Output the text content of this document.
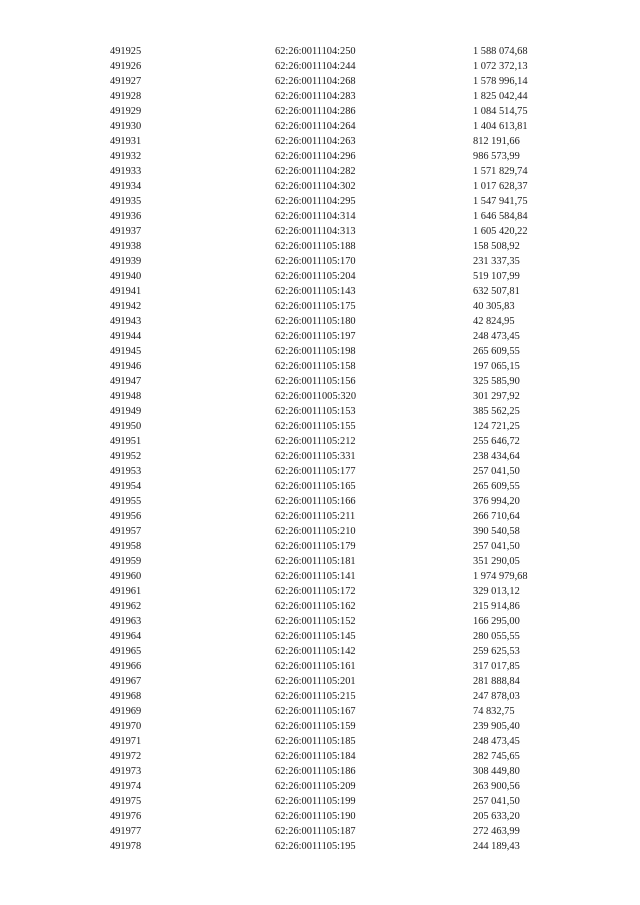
491925	62:26:0011104:250	1 588 074,68
491926	62:26:0011104:244	1 072 372,13
491927	62:26:0011104:268	1 578 996,14
491928	62:26:0011104:283	1 825 042,44
491929	62:26:0011104:286	1 084 514,75
491930	62:26:0011104:264	1 404 613,81
491931	62:26:0011104:263	812 191,66
491932	62:26:0011104:296	986 573,99
491933	62:26:0011104:282	1 571 829,74
491934	62:26:0011104:302	1 017 628,37
491935	62:26:0011104:295	1 547 941,75
491936	62:26:0011104:314	1 646 584,84
491937	62:26:0011104:313	1 605 420,22
491938	62:26:0011105:188	158 508,92
491939	62:26:0011105:170	231 337,35
491940	62:26:0011105:204	519 107,99
491941	62:26:0011105:143	632 507,81
491942	62:26:0011105:175	40 305,83
491943	62:26:0011105:180	42 824,95
491944	62:26:0011105:197	248 473,45
491945	62:26:0011105:198	265 609,55
491946	62:26:0011105:158	197 065,15
491947	62:26:0011105:156	325 585,90
491948	62:26:0011005:320	301 297,92
491949	62:26:0011105:153	385 562,25
491950	62:26:0011105:155	124 721,25
491951	62:26:0011105:212	255 646,72
491952	62:26:0011105:331	238 434,64
491953	62:26:0011105:177	257 041,50
491954	62:26:0011105:165	265 609,55
491955	62:26:0011105:166	376 994,20
491956	62:26:0011105:211	266 710,64
491957	62:26:0011105:210	390 540,58
491958	62:26:0011105:179	257 041,50
491959	62:26:0011105:181	351 290,05
491960	62:26:0011105:141	1 974 979,68
491961	62:26:0011105:172	329 013,12
491962	62:26:0011105:162	215 914,86
491963	62:26:0011105:152	166 295,00
491964	62:26:0011105:145	280 055,55
491965	62:26:0011105:142	259 625,53
491966	62:26:0011105:161	317 017,85
491967	62:26:0011105:201	281 888,84
491968	62:26:0011105:215	247 878,03
491969	62:26:0011105:167	74 832,75
491970	62:26:0011105:159	239 905,40
491971	62:26:0011105:185	248 473,45
491972	62:26:0011105:184	282 745,65
491973	62:26:0011105:186	308 449,80
491974	62:26:0011105:209	263 900,56
491975	62:26:0011105:199	257 041,50
491976	62:26:0011105:190	205 633,20
491977	62:26:0011105:187	272 463,99
491978	62:26:0011105:195	244 189,43
